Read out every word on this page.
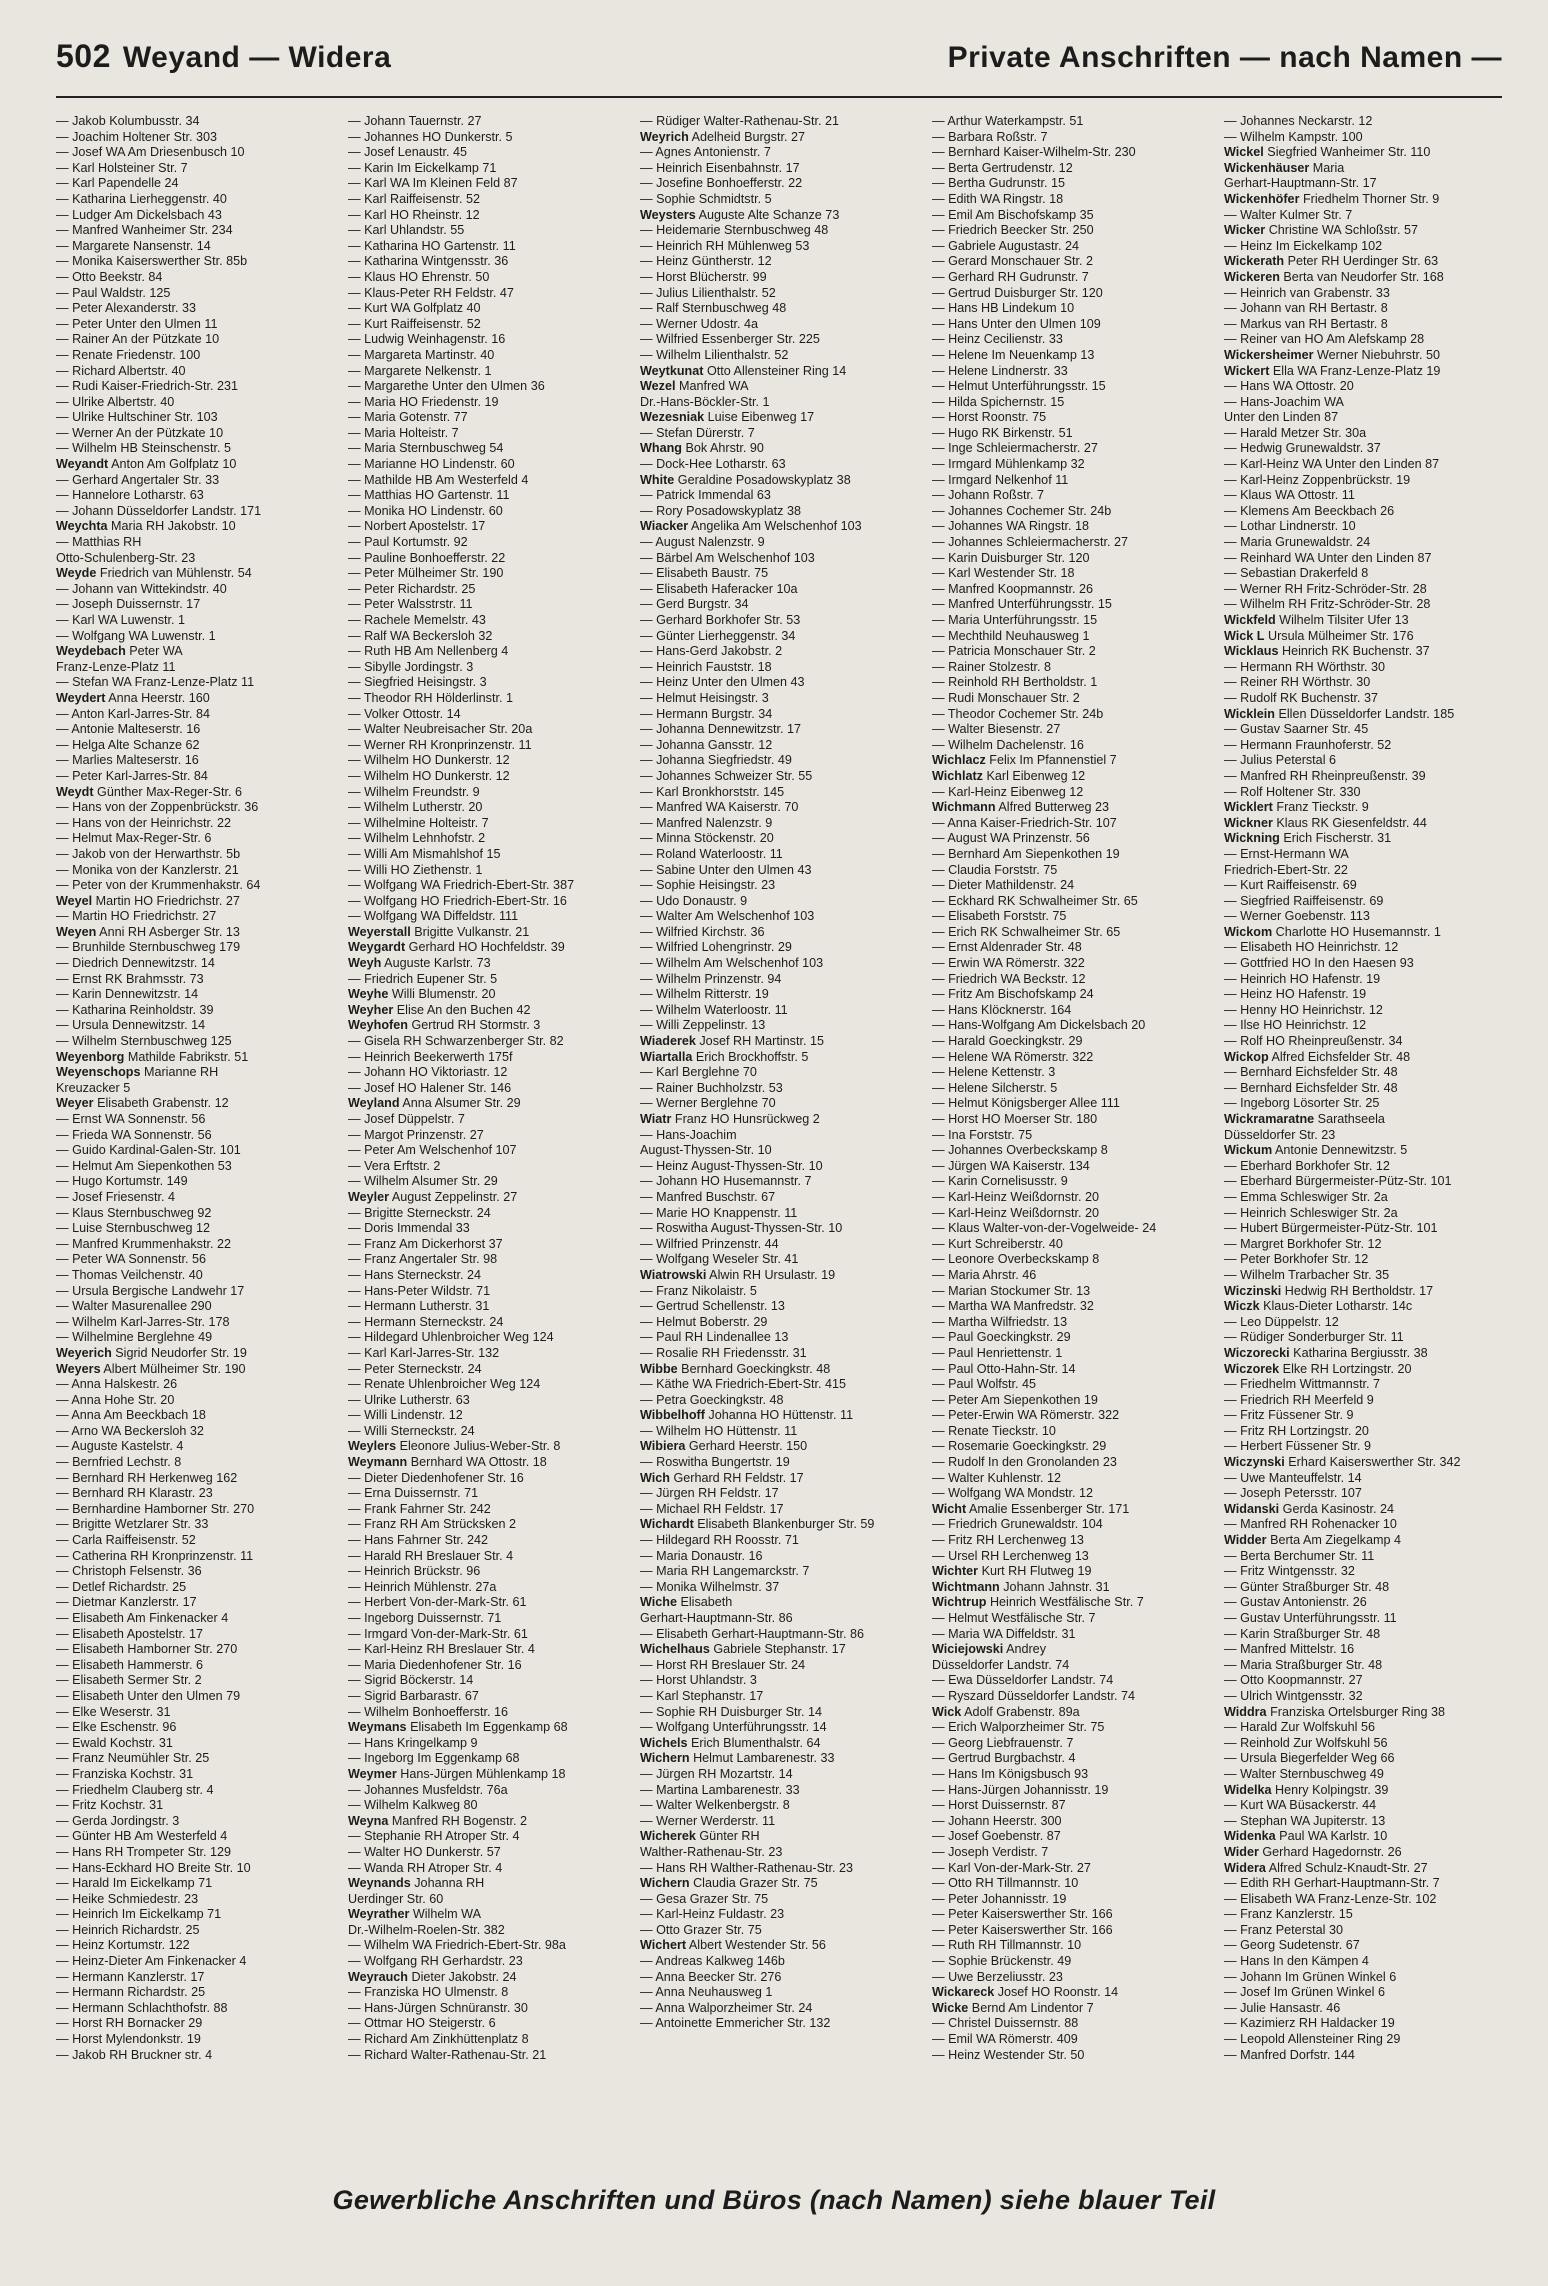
502 Weyand — Widera	Private Anschriften — nach Namen —
— Jakob Kolumbusstr. 34
— Joachim Holtener Str. 303
— Josef WA Am Driesenbusch 10
— Karl Holsteiner Str. 7
— Karl Papendelle 24
— Katharina Lierheggenstr. 40
— Ludger Am Dickelsbach 43
— Manfred Wanheimer Str. 234
— Margarete Nansenstr. 14
— Monika Kaiserswerther Str. 85b
— Otto Beekstr. 84
— Paul Waldstr. 125
— Peter Alexanderstr. 33
— Peter Unter den Ulmen 11
— Rainer An der Pützkate 10
— Renate Friedenstr. 100
— Richard Albertstr. 40
— Rudi Kaiser-Friedrich-Str. 231
— Ulrike Albertstr. 40
— Ulrike Hultschiner Str. 103
— Werner An der Pützkate 10
— Wilhelm HB Steinschenstr. 5
Weyandt Anton Am Golfplatz 10
— Gerhard Angertaler Str. 33
— Hannelore Lotharstr. 63
— Johann Düsseldorfer Landstr. 171
Weychta Maria RH Jakobstr. 10
— Matthias RH
Otto-Schulenberg-Str. 23
Weyde Friedrich van Mühlenstr. 54
— Johann van Wittekindstr. 40
— Joseph Duissernstr. 17
— Karl WA Luwenstr. 1
— Wolfgang WA Luwenstr. 1
Weydebach Peter WA
Franz-Lenze-Platz 11
— Stefan WA Franz-Lenze-Platz 11
Weydert Anna Heerstr. 160
— Anton Karl-Jarres-Str. 84
— Antonie Malteserstr. 16
— Helga Alte Schanze 62
— Marlies Malteserstr. 16
— Peter Karl-Jarres-Str. 84
Weydt Günther Max-Reger-Str. 6
— Hans von der Zoppenbrückstr. 36
— Hans von der Heinrichstr. 22
— Helmut Max-Reger-Str. 6
— Jakob von der Herwarthstr. 5b
— Monika von der Kanzlerstr. 21
— Peter von der Krummenhakstr. 64
Weyel Martin HO Friedrichstr. 27
— Martin HO Friedrichstr. 27
Weyen Anni RH Asberger Str. 13
— Brunhilde Sternbuschweg 179
— Diedrich Dennewitzstr. 14
— Ernst RK Brahmsstr. 73
— Karin Dennewitzstr. 14
— Katharina Reinholdstr. 39
— Ursula Dennewitzstr. 14
— Wilhelm Sternbuschweg 125
Weyenborg Mathilde Fabrikstr. 51
Weyenschops Marianne RH
Kreuzacker 5
Weyer Elisabeth Grabenstr. 12
— Ernst WA Sonnenstr. 56
— Frieda WA Sonnenstr. 56
— Guido Kardinal-Galen-Str. 101
— Helmut Am Siepenkothen 53
— Hugo Kortumstr. 149
— Josef Friesenstr. 4
— Klaus Sternbuschweg 92
— Luise Sternbuschweg 12
— Manfred Krummenhakstr. 22
— Peter WA Sonnenstr. 56
— Thomas Veilchenstr. 40
— Ursula Bergische Landwehr 17
— Walter Masurenallee 290
— Wilhelm Karl-Jarres-Str. 178
— Wilhelmine Berglehne 49
Weyerich Sigrid Neudorfer Str. 19
Weyers Albert Mülheimer Str. 190
— Anna Halskestr. 26
— Anna Hohe Str. 20
— Anna Am Beeckbach 18
— Arno WA Beckersloh 32
— Auguste Kastelstr. 4
— Bernfried Lechstr. 8
— Bernhard RH Herkenweg 162
— Bernhard RH Klarastr. 23
— Bernhardine Hamborner Str. 270
— Brigitte Wetzlarer Str. 33
— Carla Raiffeisenstr. 52
— Catherina RH Kronprinzenstr. 11
— Christoph Felsenstr. 36
— Detlef Richardstr. 25
— Dietmar Kanzlerstr. 17
— Elisabeth Am Finkenacker 4
— Elisabeth Apostelstr. 17
— Elisabeth Hamborner Str. 270
— Elisabeth Hammerstr. 6
— Elisabeth Sermer Str. 2
— Elisabeth Unter den Ulmen 79
— Elke Weserstr. 31
— Elke Eschenstr. 96
— Ewald Kochstr. 31
— Franz Neumühler Str. 25
— Franziska Kochstr. 31
— Friedhelm Clauberg str. 4
— Fritz Kochstr. 31
— Gerda Jordingstr. 3
— Günter HB Am Westerfeld 4
— Hans RH Trompeter Str. 129
— Hans-Eckhard HO Breite Str. 10
— Harald Im Eickelkamp 71
— Heike Schmiedestr. 23
— Heinrich Im Eickelkamp 71
— Heinrich Richardstr. 25
— Heinz Kortumstr. 122
— Heinz-Dieter Am Finkenacker 4
— Hermann Kanzlerstr. 17
— Hermann Richardstr. 25
— Hermann Schlachthofstr. 88
— Horst RH Bornacker 29
— Horst Mylendonkstr. 19
— Jakob RH Bruckner str. 4
— Johann Tauernstr. 27
— Johannes HO Dunkerstr. 5
— Josef Lenaustr. 45
— Karin Im Eickelkamp 71
— Karl WA Im Kleinen Feld 87
— Karl Raiffeisenstr. 52
— Karl HO Rheinstr. 12
— Karl Uhlandstr. 55
— Katharina HO Gartenstr. 11
— Katharina Wintgensstr. 36
— Klaus HO Ehrenstr. 50
— Klaus-Peter RH Feldstr. 47
— Kurt WA Golfplatz 40
— Kurt Raiffeisenstr. 52
— Ludwig Weinhagenstr. 16
— Margareta Martinstr. 40
— Margarete Nelkenstr. 1
— Margarethe Unter den Ulmen 36
— Maria HO Friedenstr. 19
— Maria Gotenstr. 77
— Maria Holteistr. 7
— Maria Sternbuschweg 54
— Marianne HO Lindenstr. 60
— Mathilde HB Am Westerfeld 4
— Matthias HO Gartenstr. 11
— Monika HO Lindenstr. 60
— Norbert Apostelstr. 17
— Paul Kortumstr. 92
— Pauline Bonhoefferstr. 22
— Peter Mülheimer Str. 190
— Peter Richardstr. 25
— Peter Walsstrstr. 11
— Rachele Memelstr. 43
— Ralf WA Beckersloh 32
— Ruth HB Am Nellenberg 4
— Sibylle Jordingstr. 3
— Siegfried Heisingstr. 3
— Theodor RH Hölderlinstr. 1
— Volker Ottostr. 14
— Walter Neubreisacher Str. 20a
— Werner RH Kronprinzenstr. 11
— Wilhelm HO Dunkerstr. 12
— Wilhelm HO Dunkerstr. 12
— Wilhelm Freundstr. 9
— Wilhelm Lutherstr. 20
— Wilhelmine Holteistr. 7
— Wilhelm Lehnhofstr. 2
— Willi Am Mismahlshof 15
— Willi HO Ziethenstr. 1
— Wolfgang WA Friedrich-Ebert-Str. 387
— Wolfgang HO Friedrich-Ebert-Str. 16
— Wolfgang WA Diffeldstr. 111
Weyerstall Brigitte Vulkanstr. 21
Weygardt Gerhard HO Hochfeldstr. 39
Weyh Auguste Karlstr. 73
— Friedrich Eupener Str. 5
Weyhe Willi Blumenstr. 20
Weyher Elise An den Buchen 42
Weyhofen Gertrud RH Stormstr. 3
— Gisela RH Schwarzenberger Str. 82
— Heinrich Beekerwerth 175f
— Johann HO Viktoriastr. 12
— Josef HO Halener Str. 146
Weyland Anna Alsumer Str. 29
— Josef Düppelstr. 7
— Margot Prinzenstr. 27
— Peter Am Welschenhof 107
— Vera Erftstr. 2
— Wilhelm Alsumer Str. 29
Weyler August Zeppelinstr. 27
— Brigitte Sterneckstr. 24
— Doris Immendal 33
— Franz Am Dickerhorst 37
— Franz Angertaler Str. 98
— Hans Sterneckstr. 24
— Hans-Peter Wildstr. 71
— Hermann Lutherstr. 31
— Hermann Sterneckstr. 24
— Hildegard Uhlenbroicher Weg 124
— Karl Karl-Jarres-Str. 132
— Peter Sterneckstr. 24
— Renate Uhlenbroicher Weg 124
— Ulrike Lutherstr. 63
— Willi Lindenstr. 12
— Willi Sterneckstr. 24
Weylers Eleonore Julius-Weber-Str. 8
Weymann Bernhard WA Ottostr. 18
— Dieter Diedenhofener Str. 16
— Erna Duissernstr. 71
— Frank Fahrner Str. 242
— Franz RH Am Strücksken 2
— Hans Fahrner Str. 242
— Harald RH Breslauer Str. 4
— Heinrich Brückstr. 96
— Heinrich Mühlenstr. 27a
— Herbert Von-der-Mark-Str. 61
— Ingeborg Duissernstr. 71
— Irmgard Von-der-Mark-Str. 61
— Karl-Heinz RH Breslauer Str. 4
— Maria Diedenhofener Str. 16
— Sigrid Böckerstr. 14
— Sigrid Barbarastr. 67
— Wilhelm Bonhoefferstr. 16
Weymans Elisabeth Im Eggenkamp 68
— Hans Kringelkamp 9
— Ingeborg Im Eggenkamp 68
Weymer Hans-Jürgen Mühlenkamp 18
— Johannes Musfeldstr. 76a
— Wilhelm Kalkweg 80
Weyna Manfred RH Bogenstr. 2
— Stephanie RH Atroper Str. 4
— Walter HO Dunkerstr. 57
— Wanda RH Atroper Str. 4
Weynands Johanna RH
Uerdinger Str. 60
Weyrather Wilhelm WA
Dr.-Wilhelm-Roelen-Str. 382
— Wilhelm WA Friedrich-Ebert-Str. 98a
— Wolfgang RH Gerhardstr. 23
Weyrauch Dieter Jakobstr. 24
— Franziska HO Ulmenstr. 8
— Hans-Jürgen Schnüranstr. 30
— Ottmar HO Steigerstr. 6
— Richard Am Zinkhüttenplatz 8
— Richard Walter-Rathenau-Str. 21
— Rüdiger Walter-Rathenau-Str. 21
Weyrich Adelheid Burgstr. 27
— Agnes Antonienstr. 7
— Heinrich Eisenbahnstr. 17
— Josefine Bonhoefferstr. 22
— Sophie Schmidtstr. 5
Weysters Auguste Alte Schanze 73
— Heidemarie Sternbuschweg 48
— Heinrich RH Mühlenweg 53
— Heinz Güntherstr. 12
— Horst Blücherstr. 99
— Julius Lilienthalstr. 52
— Ralf Sternbuschweg 48
— Werner Udostr. 4a
— Wilfried Essenberger Str. 225
— Wilhelm Lilienthalstr. 52
Weytkunat Otto Allensteiner Ring 14
Wezel Manfred WA
Dr.-Hans-Böckler-Str. 1
Wezesniak Luise Eibenweg 17
— Stefan Dürerstr. 7
Whang Bok Ahrstr. 90
— Dock-Hee Lotharstr. 63
White Geraldine Posadowskyplatz 38
— Patrick Immendal 63
— Rory Posadowskyplatz 38
Wiacker Angelika Am Welschenhof 103
— August Nalenzstr. 9
— Bärbel Am Welschenhof 103
— Elisabeth Baustr. 75
— Elisabeth Haferacker 10a
— Gerd Burgstr. 34
— Gerhard Borkhofer Str. 53
— Günter Lierheggenstr. 34
— Hans-Gerd Jakobstr. 2
— Heinrich Fauststr. 18
— Heinz Unter den Ulmen 43
— Helmut Heisingstr. 3
— Hermann Burgstr. 34
— Johanna Dennewitzstr. 17
— Johanna Gansstr. 12
— Johanna Siegfriedstr. 49
— Johannes Schweizer Str. 55
— Karl Bronkhorststr. 145
— Manfred WA Kaiserstr. 70
— Manfred Nalenzstr. 9
— Minna Stöckenstr. 20
— Roland Waterloostr. 11
— Sabine Unter den Ulmen 43
— Sophie Heisingstr. 23
— Udo Donaustr. 9
— Walter Am Welschenhof 103
— Wilfried Kirchstr. 36
— Wilfried Lohengrinstr. 29
— Wilhelm Am Welschenhof 103
— Wilhelm Prinzenstr. 94
— Wilhelm Ritterstr. 19
— Wilhelm Waterloostr. 11
— Willi Zeppelinstr. 13
Wiaderek Josef RH Martinstr. 15
Wiartalla Erich Brockhoffstr. 5
— Karl Berglehne 70
— Rainer Buchholzstr. 53
— Werner Berglehne 70
Wiatr Franz HO Hunsrückweg 2
— Hans-Joachim
August-Thyssen-Str. 10
— Heinz August-Thyssen-Str. 10
— Johann HO Husemannstr. 7
— Manfred Buschstr. 67
— Marie HO Knappenstr. 11
— Roswitha August-Thyssen-Str. 10
— Wilfried Prinzenstr. 44
— Wolfgang Weseler Str. 41
Wiatrowski Alwin RH Ursulastr. 19
— Franz Nikolaistr. 5
— Gertrud Schellenstr. 13
— Helmut Boberstr. 29
— Paul RH Lindenallee 13
— Rosalie RH Friedensstr. 31
Wibbe Bernhard Goeckingkstr. 48
— Käthe WA Friedrich-Ebert-Str. 415
— Petra Goeckingkstr. 48
Wibbelhoff Johanna HO Hüttenstr. 11
— Wilhelm HO Hüttenstr. 11
Wibiera Gerhard Heerstr. 150
— Roswitha Bungertstr. 19
Wich Gerhard RH Feldstr. 17
— Jürgen RH Feldstr. 17
— Michael RH Feldstr. 17
Wichardt Elisabeth Blankenburger Str. 59
— Hildegard RH Roosstr. 71
— Maria Donaustr. 16
— Maria RH Langemarckstr. 7
— Monika Wilhelmstr. 37
Wiche Elisabeth
Gerhart-Hauptmann-Str. 86
— Elisabeth Gerhart-Hauptmann-Str. 86
Wichelhaus Gabriele Stephanstr. 17
— Horst RH Breslauer Str. 24
— Horst Uhlandstr. 3
— Karl Stephanstr. 17
— Sophie RH Duisburger Str. 14
— Wolfgang Unterführungsstr. 14
Wichels Erich Blumenthalstr. 64
Wichern Helmut Lambarenestr. 33
— Jürgen RH Mozartstr. 14
— Martina Lambarenestr. 33
— Walter Welkenbergstr. 8
— Werner Werderstr. 11
Wicherek Günter RH
Walther-Rathenau-Str. 23
— Hans RH Walther-Rathenau-Str. 23
Wichern Claudia Grazer Str. 75
— Gesa Grazer Str. 75
— Karl-Heinz Fuldastr. 23
— Otto Grazer Str. 75
Wichert Albert Westender Str. 56
— Andreas Kalkweg 146b
— Anna Beecker Str. 276
— Anna Neuhausweg 1
— Anna Walporzheimer Str. 24
— Antoinette Emmericher Str. 132
— Arthur Waterkampstr. 51
— Barbara Roßstr. 7
— Bernhard Kaiser-Wilhelm-Str. 230
— Berta Gertrudenstr. 12
— Bertha Gudrunstr. 15
— Edith WA Ringstr. 18
— Emil Am Bischofskamp 35
— Friedrich Beecker Str. 250
— Gabriele Augustastr. 24
— Gerard Monschauer Str. 2
— Gerhard RH Gudrunstr. 7
— Gertrud Duisburger Str. 120
— Hans HB Lindekum 10
— Hans Unter den Ulmen 109
— Heinz Cecilienstr. 33
— Helene Im Neuenkamp 13
— Helene Lindnerstr. 33
— Helmut Unterführungsstr. 15
— Hilda Spichernstr. 15
— Horst Roonstr. 75
— Hugo RK Birkenstr. 51
— Inge Schleiermacherstr. 27
— Irmgard Mühlenkamp 32
— Irmgard Nelkenhof 11
— Johann Roßstr. 7
— Johannes Cochemer Str. 24b
— Johannes WA Ringstr. 18
— Johannes Schleiermacherstr. 27
— Karin Duisburger Str. 120
— Karl Westender Str. 18
— Manfred Koopmannstr. 26
— Manfred Unterführungsstr. 15
— Maria Unterführungsstr. 15
— Mechthild Neuhausweg 1
— Patricia Monschauer Str. 2
— Rainer Stolzestr. 8
— Reinhold RH Bertholdstr. 1
— Rudi Monschauer Str. 2
— Theodor Cochemer Str. 24b
— Walter Biesenstr. 27
— Wilhelm Dachelenstr. 16
Wichlacz Felix Im Pfannenstiel 7
Wichlatz Karl Eibenweg 12
— Karl-Heinz Eibenweg 12
Wichmann Alfred Butterweg 23
— Anna Kaiser-Friedrich-Str. 107
— August WA Prinzenstr. 56
— Bernhard Am Siepenkothen 19
— Claudia Forststr. 75
— Dieter Mathildenstr. 24
— Eckhard RK Schwalheimer Str. 65
— Elisabeth Forststr. 75
— Erich RK Schwalheimer Str. 65
— Ernst Aldenrader Str. 48
— Erwin WA Römerstr. 322
— Friedrich WA Beckstr. 12
— Fritz Am Bischofskamp 24
— Hans Klöcknerstr. 164
— Hans-Wolfgang Am Dickelsbach 20
— Harald Goeckingkstr. 29
— Helene WA Römerstr. 322
— Helene Kettenstr. 3
— Helene Silcherstr. 5
— Helmut Königsberger Allee 111
— Horst HO Moerser Str. 180
— Ina Forststr. 75
— Johannes Overbeckskamp 8
— Jürgen WA Kaiserstr. 134
— Karin Cornelisusstr. 9
— Karl-Heinz Weißdornstr. 20
— Karl-Heinz Weißdornstr. 20
— Klaus Walter-von-der-Vogelweide- 24
— Kurt Schreiberstr. 40
— Leonore Overbeckskamp 8
— Maria Ahrstr. 46
— Marian Stockumer Str. 13
— Martha WA Manfredstr. 32
— Martha Wilfriedstr. 13
— Paul Goeckingkstr. 29
— Paul Henriettenstr. 1
— Paul Otto-Hahn-Str. 14
— Paul Wolfstr. 45
— Peter Am Siepenkothen 19
— Peter-Erwin WA Römerstr. 322
— Renate Tieckstr. 10
— Rosemarie Goeckingkstr. 29
— Rudolf In den Gronolanden 23
— Walter Kuhlenstr. 12
— Wolfgang WA Mondstr. 12
Wicht Amalie Essenberger Str. 171
— Friedrich Grunewaldstr. 104
— Fritz RH Lerchenweg 13
— Ursel RH Lerchenweg 13
Wichter Kurt RH Flutweg 19
Wichtmann Johann Jahnstr. 31
Wichtrup Heinrich Westfälische Str. 7
— Helmut Westfälische Str. 7
— Maria WA Diffeldstr. 31
Wiciejowski Andrey
Düsseldorfer Landstr. 74
— Ewa Düsseldorfer Landstr. 74
— Ryszard Düsseldorfer Landstr. 74
Wick Adolf Grabenstr. 89a
— Erich Walporzheimer Str. 75
— Georg Liebfrauenstr. 7
— Gertrud Burgbachstr. 4
— Hans Im Königsbusch 93
— Hans-Jürgen Johannisstr. 19
— Horst Duissernstr. 87
— Johann Heerstr. 300
— Josef Goebenstr. 87
— Joseph Verdistr. 7
— Karl Von-der-Mark-Str. 27
— Otto RH Tillmannstr. 10
— Peter Johannisstr. 19
— Peter Kaiserswerther Str. 166
— Peter Kaiserswerther Str. 166
— Ruth RH Tillmannstr. 10
— Sophie Brückenstr. 49
— Uwe Berzeliusstr. 23
Wickareck Josef HO Roonstr. 14
Wicke Bernd Am Lindentor 7
— Christel Duissernstr. 88
— Emil WA Römerstr. 409
— Heinz Westender Str. 50
— Johannes Neckarstr. 12
— Wilhelm Kampstr. 100
Wickel Siegfried Wanheimer Str. 110
Wickenhäuser Maria
Gerhart-Hauptmann-Str. 17
Wickenhöfer Friedhelm Thorner Str. 9
— Walter Kulmer Str. 7
Wicker Christine WA Schloßstr. 57
— Heinz Im Eickelkamp 102
Wickerath Peter RH Uerdinger Str. 63
Wickeren Berta van Neudorfer Str. 168
— Heinrich van Grabenstr. 33
— Johann van RH Bertastr. 8
— Markus van RH Bertastr. 8
— Reiner van HO Am Alefskamp 28
Wickersheimer Werner Niebuhrstr. 50
Wickert Ella WA Franz-Lenze-Platz 19
— Hans WA Ottostr. 20
— Hans-Joachim WA
Unter den Linden 87
— Harald Metzer Str. 30a
— Hedwig Grunewaldstr. 37
— Karl-Heinz WA Unter den Linden 87
— Karl-Heinz Zoppenbrückstr. 19
— Klaus WA Ottostr. 11
— Klemens Am Beeckbach 26
— Lothar Lindnerstr. 10
— Maria Grunewaldstr. 24
— Reinhard WA Unter den Linden 87
— Sebastian Drakerfeld 8
— Werner RH Fritz-Schröder-Str. 28
— Wilhelm RH Fritz-Schröder-Str. 28
Wickfeld Wilhelm Tilsiter Ufer 13
Wick L Ursula Mülheimer Str. 176
Wicklaus Heinrich RK Buchenstr. 37
— Hermann RH Wörthstr. 30
— Reiner RH Wörthstr. 30
— Rudolf RK Buchenstr. 37
Wicklein Ellen Düsseldorfer Landstr. 185
— Gustav Saarner Str. 45
— Hermann Fraunhoferstr. 52
— Julius Peterstal 6
— Manfred RH Rheinpreußenstr. 39
— Rolf Holtener Str. 330
Wicklert Franz Tieckstr. 9
Wickner Klaus RK Giesenfeldstr. 44
Wickning Erich Fischerstr. 31
— Ernst-Hermann WA
Friedrich-Ebert-Str. 22
— Kurt Raiffeisenstr. 69
— Siegfried Raiffeisenstr. 69
— Werner Goebenstr. 113
Wickom Charlotte HO Husemannstr. 1
— Elisabeth HO Heinrichstr. 12
— Gottfried HO In den Haesen 93
— Heinrich HO Hafenstr. 19
— Heinz HO Hafenstr. 19
— Henny HO Heinrichstr. 12
— Ilse HO Heinrichstr. 12
— Rolf HO Rheinpreußenstr. 34
Wickop Alfred Eichsfelder Str. 48
— Bernhard Eichsfelder Str. 48
— Bernhard Eichsfelder Str. 48
— Ingeborg Lösorter Str. 25
Wickramaratne Sarathseela
Düsseldorfer Str. 23
Wickum Antonie Dennewitzstr. 5
— Eberhard Borkhofer Str. 12
— Eberhard Bürgermeister-Pütz-Str. 101
— Emma Schleswiger Str. 2a
— Heinrich Schleswiger Str. 2a
— Hubert Bürgermeister-Pütz-Str. 101
— Margret Borkhofer Str. 12
— Peter Borkhofer Str. 12
— Wilhelm Trarbacher Str. 35
Wiczinski Hedwig RH Bertholdstr. 17
Wiczk Klaus-Dieter Lotharstr. 14c
— Leo Düppelstr. 12
— Rüdiger Sonderburger Str. 11
Wiczorecki Katharina Bergiusstr. 38
Wiczorek Elke RH Lortzingstr. 20
— Friedhelm Wittmannstr. 7
— Friedrich RH Meerfeld 9
— Fritz Füssener Str. 9
— Fritz RH Lortzingstr. 20
— Herbert Füssener Str. 9
Wiczynski Erhard Kaiserswerther Str. 342
— Uwe Manteuffelstr. 14
— Joseph Petersstr. 107
Widanski Gerda Kasinostr. 24
— Manfred RH Rohenacker 10
Widder Berta Am Ziegelkamp 4
— Berta Berchumer Str. 11
— Fritz Wintgensstr. 32
— Günter Straßburger Str. 48
— Gustav Antonienstr. 26
— Gustav Unterführungsstr. 11
— Karin Straßburger Str. 48
— Manfred Mittelstr. 16
— Maria Straßburger Str. 48
— Otto Koopmannstr. 27
— Ulrich Wintgensstr. 32
Widdra Franziska Ortelsburger Ring 38
— Harald Zur Wolfskuhl 56
— Reinhold Zur Wolfskuhl 56
— Ursula Biegerfelder Weg 66
— Walter Sternbuschweg 49
Widelka Henry Kolpingstr. 39
— Kurt WA Büsackerstr. 44
— Stephan WA Jupiterstr. 13
Widenka Paul WA Karlstr. 10
Wider Gerhard Hagedornstr. 26
Widera Alfred Schulz-Knaudt-Str. 27
— Edith RH Gerhart-Hauptmann-Str. 7
— Elisabeth WA Franz-Lenze-Str. 102
— Franz Kanzlerstr. 15
— Franz Peterstal 30
— Georg Sudetenstr. 67
— Hans In den Kämpen 4
— Johann Im Grünen Winkel 6
— Josef Im Grünen Winkel 6
— Julie Hansastr. 46
— Kazimierz RH Haldacker 19
— Leopold Allensteiner Ring 29
— Manfred Dorfstr. 144
Gewerbliche Anschriften und Büros (nach Namen) siehe blauer Teil
